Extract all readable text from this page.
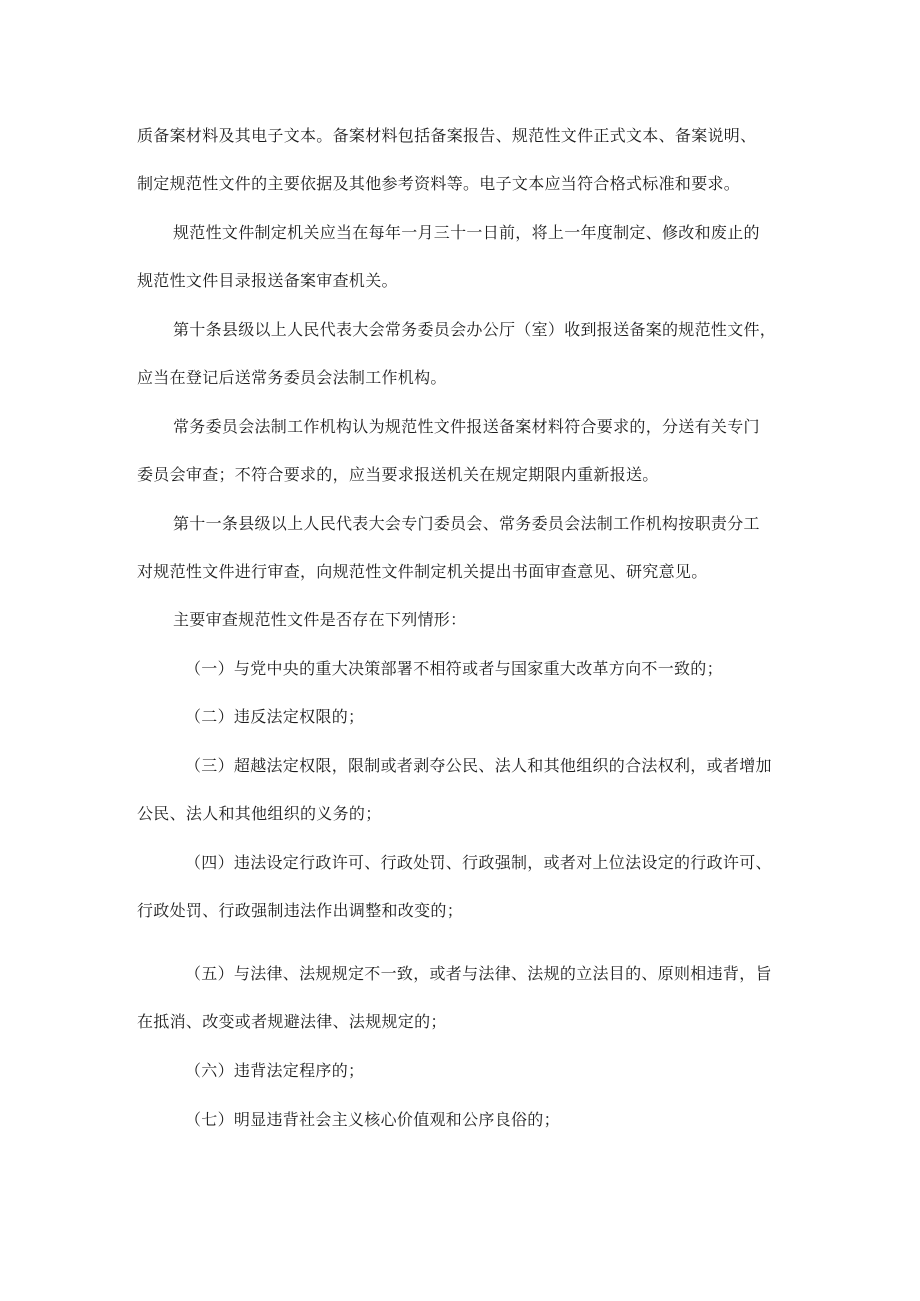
质备案材料及其电子文本。备案材料包括备案报告、规范性文件正式文本、备案说明、

制定规范性文件的主要依据及其他参考资料等。电子文本应当符合格式标准和要求。

规范性文件制定机关应当在每年一月三十一日前，将上一年度制定、修改和废止的

规范性文件目录报送备案审查机关。

第十条县级以上人民代表大会常务委员会办公厅（室）收到报送备案的规范性文件，

应当在登记后送常务委员会法制工作机构。

常务委员会法制工作机构认为规范性文件报送备案材料符合要求的，分送有关专门

委员会审查；不符合要求的，应当要求报送机关在规定期限内重新报送。

第十一条县级以上人民代表大会专门委员会、常务委员会法制工作机构按职责分工

对规范性文件进行审查，向规范性文件制定机关提出书面审查意见、研究意见。

主要审查规范性文件是否存在下列情形：

（一）与党中央的重大决策部署不相符或者与国家重大改革方向不一致的；

（二）违反法定权限的；

（三）超越法定权限，限制或者剥夺公民、法人和其他组织的合法权利，或者增加

公民、法人和其他组织的义务的；

（四）违法设定行政许可、行政处罚、行政强制，或者对上位法设定的行政许可、

行政处罚、行政强制违法作出调整和改变的；

（五）与法律、法规规定不一致，或者与法律、法规的立法目的、原则相违背，旨

在抵消、改变或者规避法律、法规规定的；

（六）违背法定程序的；

（七）明显违背社会主义核心价值观和公序良俗的；
